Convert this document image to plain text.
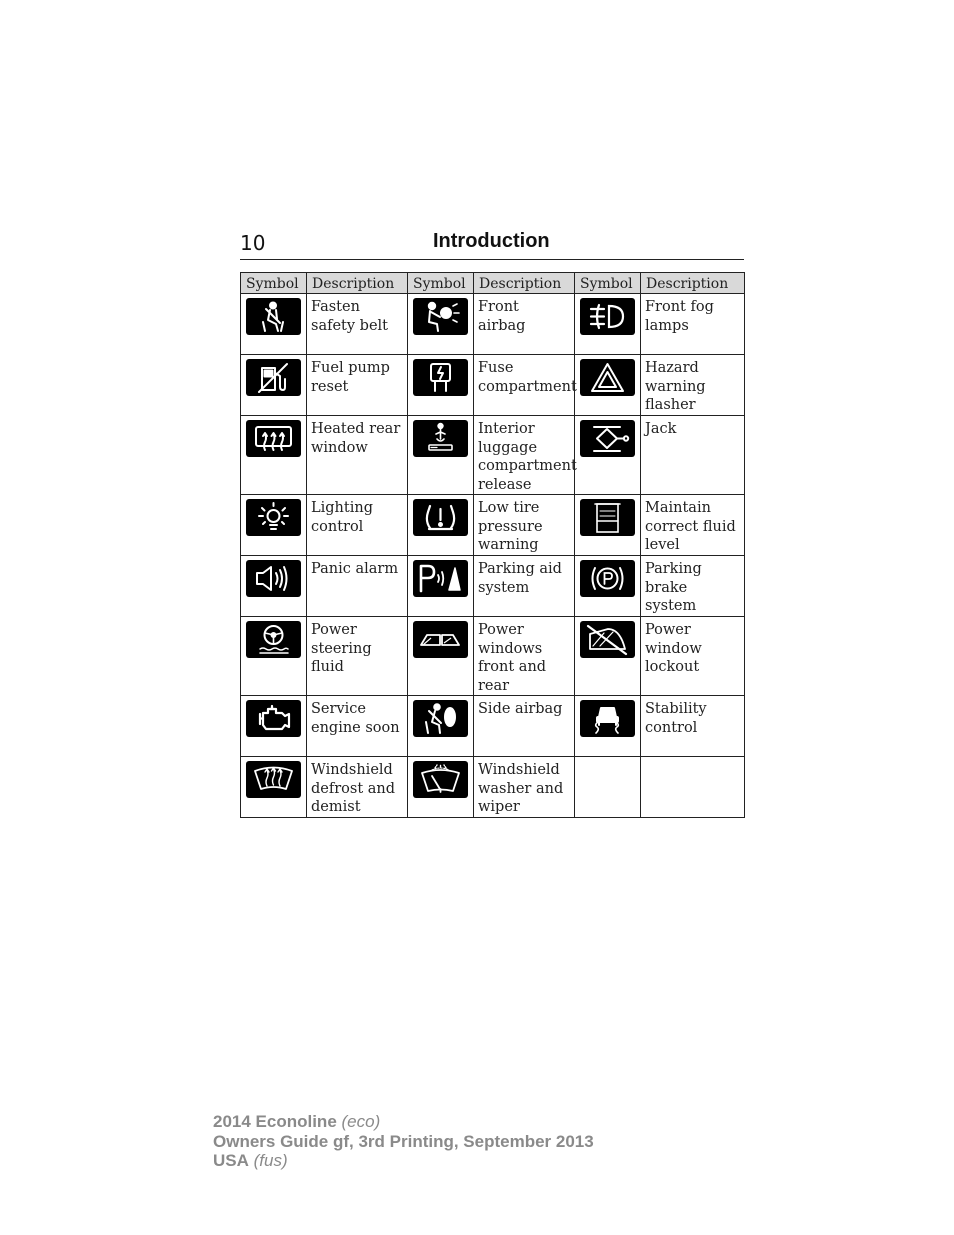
10	Introduction
Symbol	Description	Symbol	Description	Symbol	Description

	Fasten safety belt		Front airbag		Front fog lamps

	Fuel pump reset		Fuse compartment		Hazard warning flasher

	Heated rear window		Interior luggage compartment release		Jack

	Lighting control		Low tire pressure warning		Maintain correct fluid level

	Panic alarm		Parking aid system		Parking brake system

	Power steering fluid		Power windows front and rear		Power window lockout

	Service engine soon		Side airbag		Stability control

	Windshield defrost and demist		Windshield washer and wiper		
2014 Econoline (eco)
Owners Guide gf, 3rd Printing, September 2013
USA (fus)
